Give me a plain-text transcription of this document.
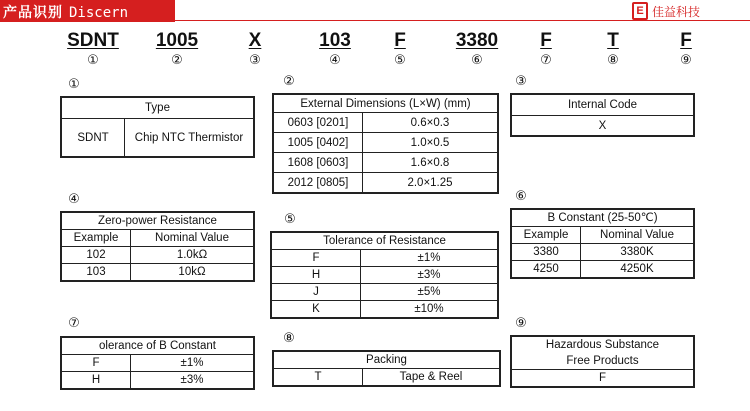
产品识别 Discern	E 佳益科技
SDNT 1005	X	103 F	3380 F	T	F
①	②	③	④	⑤	⑥	⑦	⑧	⑨
①	②	③
④
⑤
⑥
⑦
⑧
⑨
Type
SDNT	Chip NTC Thermistor
External Dimensions (L×W) (mm)	
0603 [0201]	0.6×0.3
1005 [0402]	1.0×0.5
1608 [0603]	1.6×0.8
2012 [0805]	2.0×1.25
Internal Code
X
Zero-power Resistance	
Example	Nominal Value
102	1.0kΩ
103	10kΩ
Tolerance of Resistance	
F	±1%
H	±3%
J	±5%
K	±10%
B Constant (25-50℃)	
Example	Nominal Value
3380	3380K
4250	4250K
olerance of B Constant	
F	±1%
H	±3%
Packing
T	Tape & Reel
Hazardous Substance
Free Products
F
